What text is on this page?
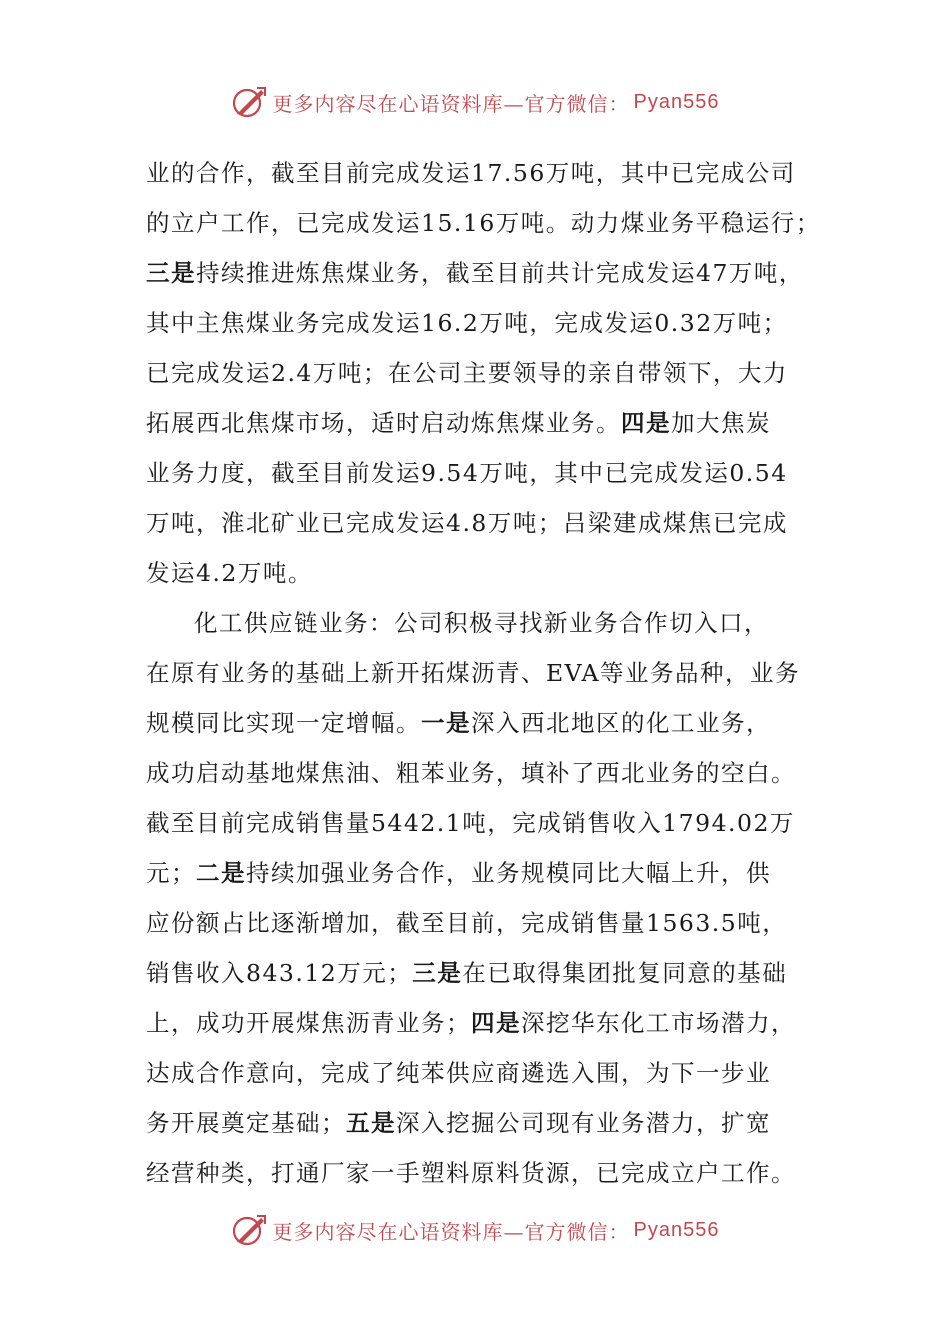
更多内容尽在心语资料库—官方微信： Pyan556
业的合作，截至目前完成发运17.56万吨，其中已完成公司
的立户工作，已完成发运15.16万吨。动力煤业务平稳运行；
三是持续推进炼焦煤业务，截至目前共计完成发运47万吨，
其中主焦煤业务完成发运16.2万吨，完成发运0.32万吨；
已完成发运2.4万吨；在公司主要领导的亲自带领下，大力
拓展西北焦煤市场，适时启动炼焦煤业务。四是加大焦炭
业务力度，截至目前发运9.54万吨，其中已完成发运0.54
万吨，淮北矿业已完成发运4.8万吨；吕梁建成煤焦已完成
发运4.2万吨。
化工供应链业务：公司积极寻找新业务合作切入口，
在原有业务的基础上新开拓煤沥青、EVA等业务品种，业务
规模同比实现一定增幅。一是深入西北地区的化工业务，
成功启动基地煤焦油、粗苯业务，填补了西北业务的空白。
截至目前完成销售量5442.1吨，完成销售收入1794.02万
元；二是持续加强业务合作，业务规模同比大幅上升，供
应份额占比逐渐增加，截至目前，完成销售量1563.5吨，
销售收入843.12万元；三是在已取得集团批复同意的基础
上，成功开展煤焦沥青业务；四是深挖华东化工市场潜力，
达成合作意向，完成了纯苯供应商遴选入围，为下一步业
务开展奠定基础；五是深入挖掘公司现有业务潜力，扩宽
经营种类，打通厂家一手塑料原料货源，已完成立户工作。
更多内容尽在心语资料库—官方微信： Pyan556
